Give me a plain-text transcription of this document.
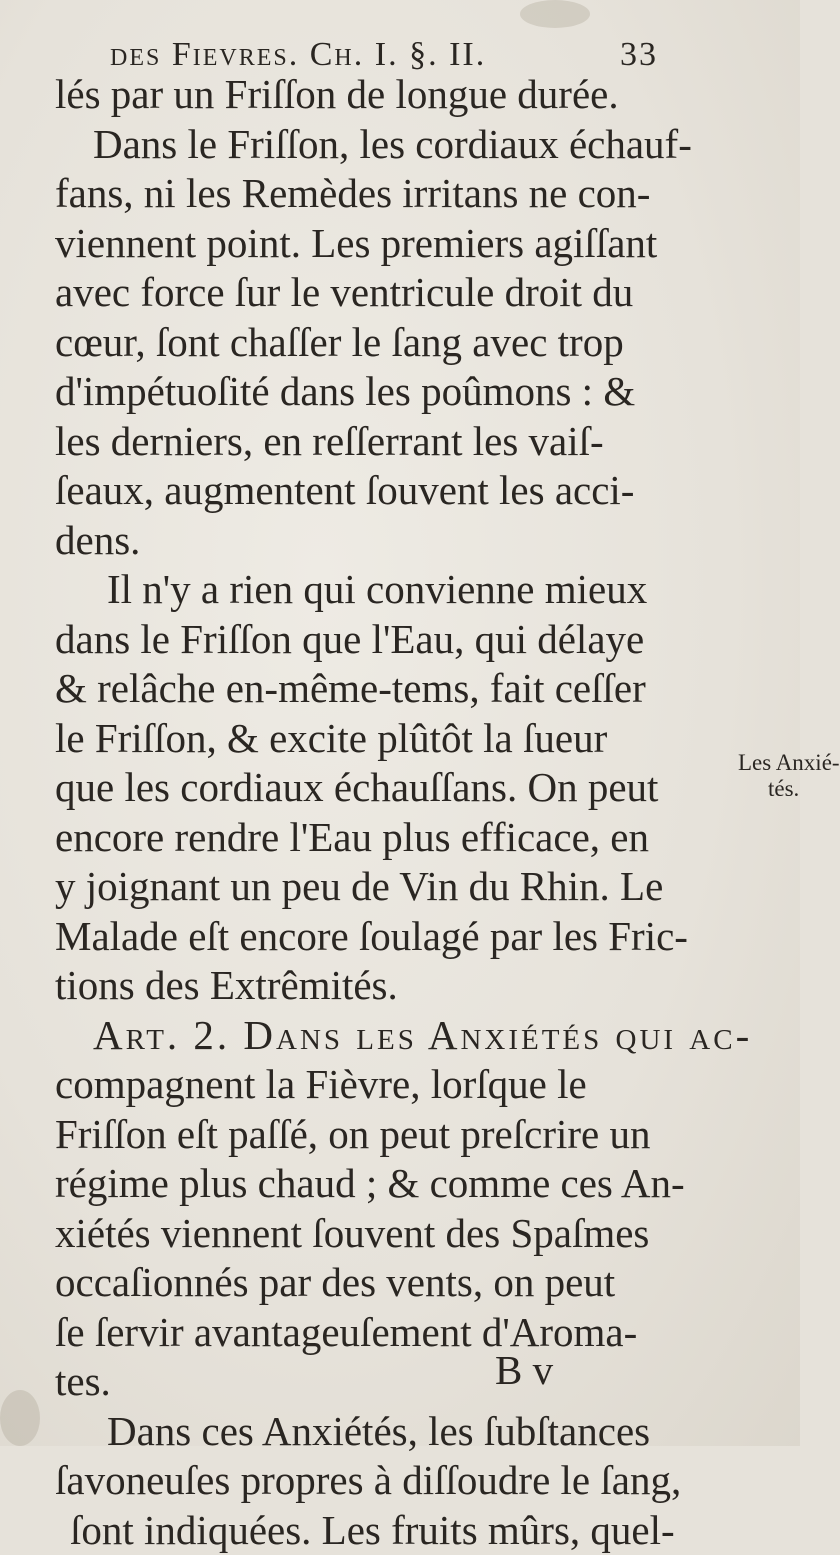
des Fievres. Ch. I. §. II.	33
lés par un Friſſon de longue durée.
Dans le Friſſon, les cordiaux échauf-
fans, ni les Remèdes irritans ne con-
viennent point. Les premiers agiſſant
avec force ſur le ventricule droit du
cœur, ſont chaſſer le ſang avec trop
d'impétuoſité dans les poûmons : &
les derniers, en reſſerrant les vaiſ-
ſeaux, augmentent ſouvent les acci-
dens.
Il n'y a rien qui convienne mieux
dans le Friſſon que l'Eau, qui délaye
& relâche en-même-tems, fait ceſſer
le Friſſon, & excite plûtôt la ſueur
que les cordiaux échauſſans. On peut
encore rendre l'Eau plus efficace, en
y joignant un peu de Vin du Rhin. Le
Malade eſt encore ſoulagé par les Fric-
tions des Extrêmités.
Art. 2. Dans les Anxiétés qui ac-
compagnent la Fièvre, lorſque le
Friſſon eſt paſſé, on peut preſcrire un
régime plus chaud ; & comme ces An-
xiétés viennent ſouvent des Spaſmes
occaſionnés par des vents, on peut
ſe ſervir avantageuſement d'Aroma-
tes.
Dans ces Anxiétés, les ſubſtances
ſavoneuſes propres à diſſoudre le ſang,
ſont indiquées. Les fruits mûrs, quel-
Les Anxié-
tés.
B v
